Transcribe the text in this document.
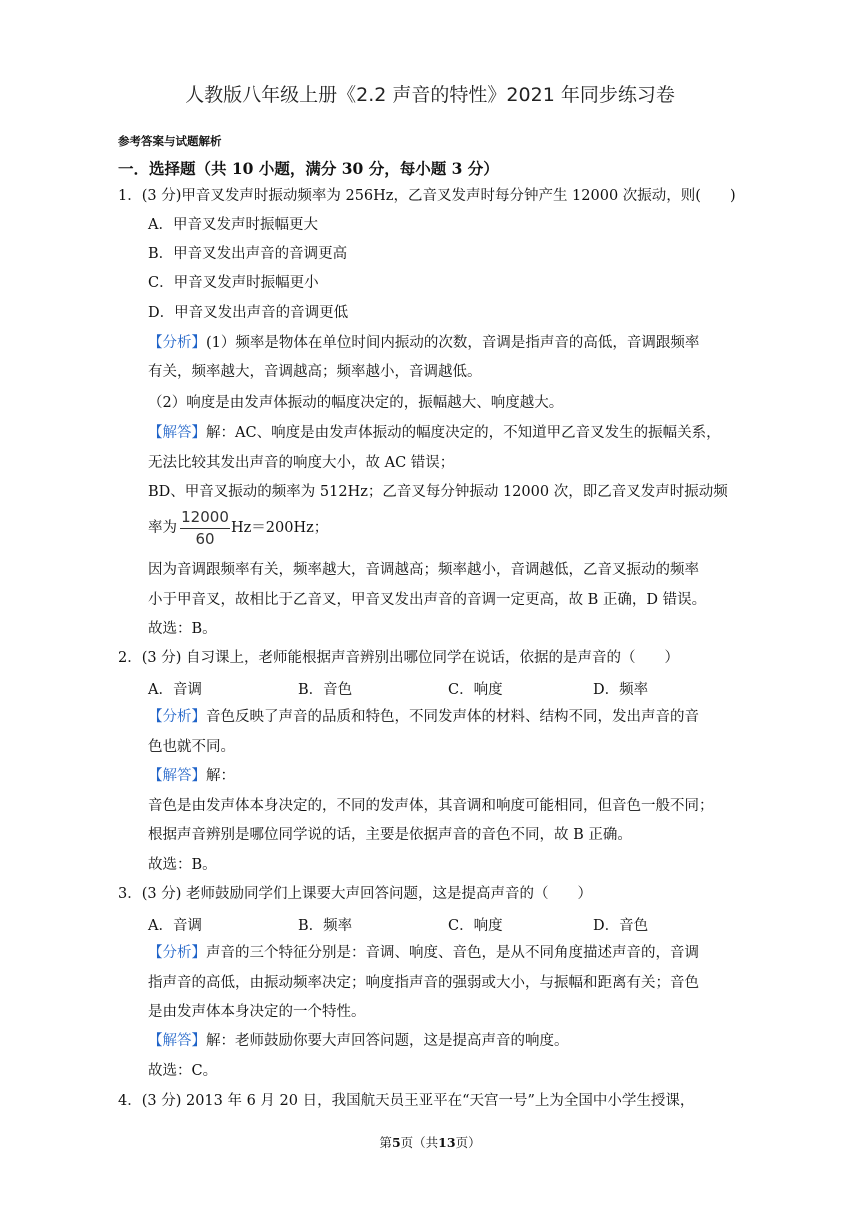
人教版八年级上册《2.2 声音的特性》2021 年同步练习卷
参考答案与试题解析
一．选择题（共 10 小题，满分 30 分，每小题 3 分）
1．(3 分)甲音叉发声时振动频率为 256Hz，乙音叉发声时每分钟产生 12000 次振动，则(　　)
A．甲音叉发声时振幅更大
B．甲音叉发出声音的音调更高
C．甲音叉发声时振幅更小
D．甲音叉发出声音的音调更低
【分析】(1）频率是物体在单位时间内振动的次数，音调是指声音的高低，音调跟频率
有关，频率越大，音调越高；频率越小，音调越低。
（2）响度是由发声体振动的幅度决定的，振幅越大、响度越大。
【解答】解：AC、响度是由发声体振动的幅度决定的，不知道甲乙音叉发生的振幅关系，
无法比较其发出声音的响度大小，故 AC 错误；
BD、甲音叉振动的频率为 512Hz；乙音叉每分钟振动 12000 次，即乙音叉发声时振动频
率为
12000
60
Hz＝200Hz；
因为音调跟频率有关，频率越大，音调越高；频率越小，音调越低，乙音叉振动的频率
小于甲音叉，故相比于乙音叉，甲音叉发出声音的音调一定更高，故 B 正确，D 错误。
故选：B。
2．(3 分) 自习课上，老师能根据声音辨别出哪位同学在说话，依据的是声音的（　　）
A．音调	B．音色	C．响度	D．频率
【分析】音色反映了声音的品质和特色，不同发声体的材料、结构不同，发出声音的音
色也就不同。
【解答】解：
音色是由发声体本身决定的，不同的发声体，其音调和响度可能相同，但音色一般不同；
根据声音辨别是哪位同学说的话，主要是依据声音的音色不同，故 B 正确。
故选：B。
3．(3 分) 老师鼓励同学们上课要大声回答问题，这是提高声音的（　　）
A．音调	B．频率	C．响度	D．音色
【分析】声音的三个特征分别是：音调、响度、音色，是从不同角度描述声音的，音调
指声音的高低，由振动频率决定；响度指声音的强弱或大小，与振幅和距离有关；音色
是由发声体本身决定的一个特性。
【解答】解：老师鼓励你要大声回答问题，这是提高声音的响度。
故选：C。
4．(3 分) 2013 年 6 月 20 日，我国航天员王亚平在“天宫一号”上为全国中小学生授课，
第5页（共13页）
